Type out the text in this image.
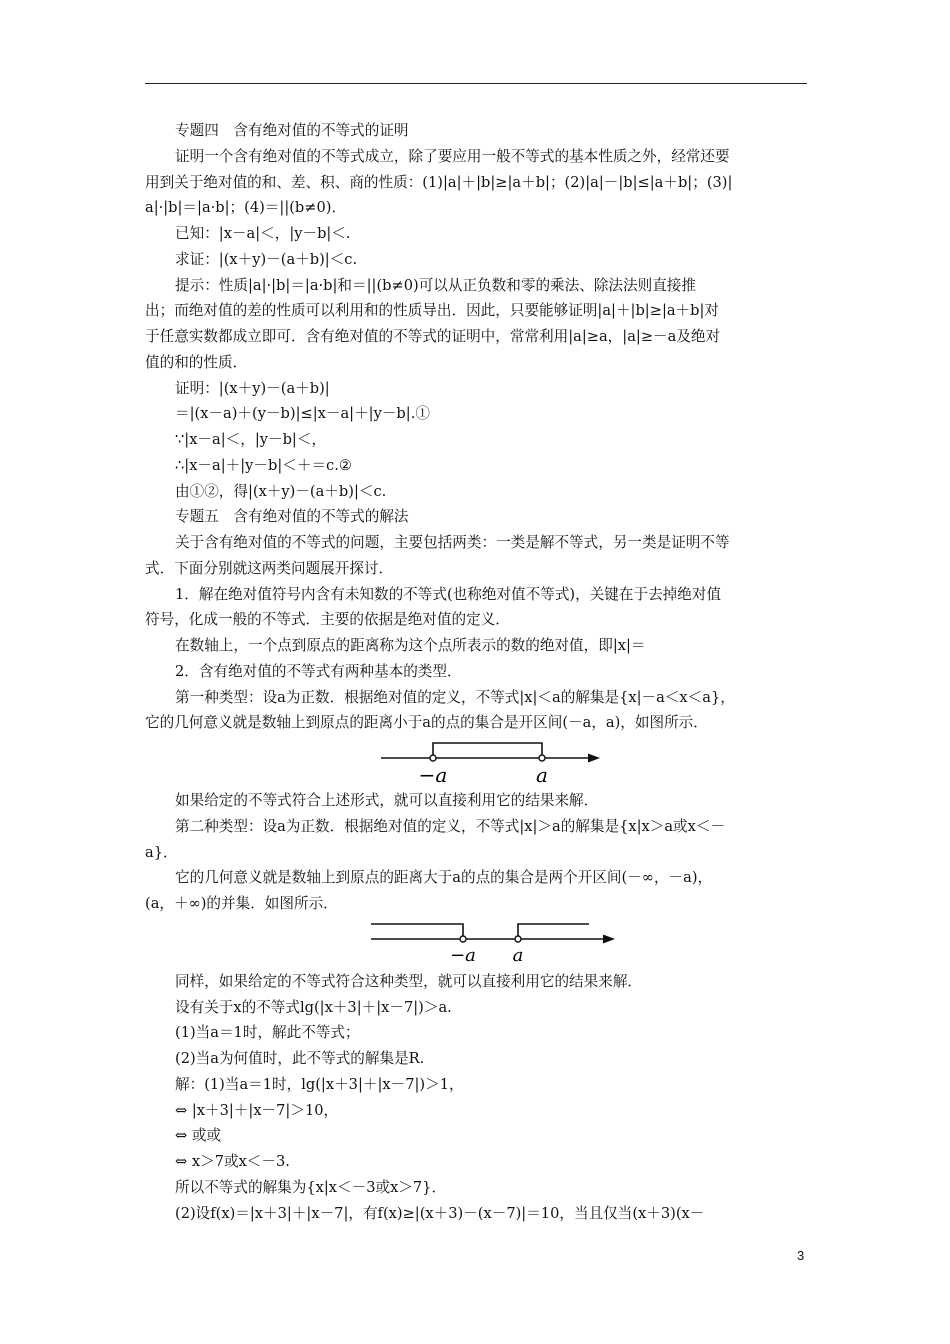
专题四　含有绝对值的不等式的证明

证明一个含有绝对值的不等式成立，除了要应用一般不等式的基本性质之外，经常还要

用到关于绝对值的和、差、积、商的性质：(1)|a|＋|b|≥|a＋b|；(2)|a|－|b|≤|a＋b|；(3)|

a|·|b|＝|a·b|；(4)＝||(b≠0)．

已知：|x－a|＜，|y－b|＜.

求证：|(x＋y)－(a＋b)|＜c.

提示：性质|a|·|b|＝|a·b|和＝||(b≠0)可以从正负数和零的乘法、除法法则直接推

出；而绝对值的差的性质可以利用和的性质导出．因此，只要能够证明|a|＋|b|≥|a＋b|对

于任意实数都成立即可．含有绝对值的不等式的证明中，常常利用|a|≥a，|a|≥－a及绝对

值的和的性质．

证明：|(x＋y)－(a＋b)|

＝|(x－a)＋(y－b)|≤|x－a|＋|y－b|.①

∵|x－a|＜，|y－b|＜，

∴|x－a|＋|y－b|＜＋＝c.②

由①②，得|(x＋y)－(a＋b)|＜c.

专题五　含有绝对值的不等式的解法

关于含有绝对值的不等式的问题，主要包括两类：一类是解不等式，另一类是证明不等

式．下面分别就这两类问题展开探讨．

1．解在绝对值符号内含有未知数的不等式(也称绝对值不等式)，关键在于去掉绝对值

符号，化成一般的不等式．主要的依据是绝对值的定义．

在数轴上，一个点到原点的距离称为这个点所表示的数的绝对值，即|x|＝

2．含有绝对值的不等式有两种基本的类型．

第一种类型：设a为正数．根据绝对值的定义，不等式|x|＜a的解集是{x|－a＜x＜a}，

它的几何意义就是数轴上到原点的距离小于a的点的集合是开区间(－a，a)，如图所示．

−a	a

如果给定的不等式符合上述形式，就可以直接利用它的结果来解．

第二种类型：设a为正数．根据绝对值的定义，不等式|x|＞a的解集是{x|x＞a或x＜－

a}．

它的几何意义就是数轴上到原点的距离大于a的点的集合是两个开区间(－∞，－a)，

(a，＋∞)的并集．如图所示．

−a a

同样，如果给定的不等式符合这种类型，就可以直接利用它的结果来解．

设有关于x的不等式lg(|x＋3|＋|x－7|)＞a.

(1)当a＝1时，解此不等式；

(2)当a为何值时，此不等式的解集是R.

解：(1)当a＝1时，lg(|x＋3|＋|x－7|)＞1，

⇔ |x＋3|＋|x－7|＞10，

⇔ 或或

⇔ x＞7或x＜－3.

所以不等式的解集为{x|x＜－3或x＞7}．

(2)设f(x)＝|x＋3|＋|x－7|，有f(x)≥|(x＋3)－(x－7)|＝10，当且仅当(x＋3)(x－

3
